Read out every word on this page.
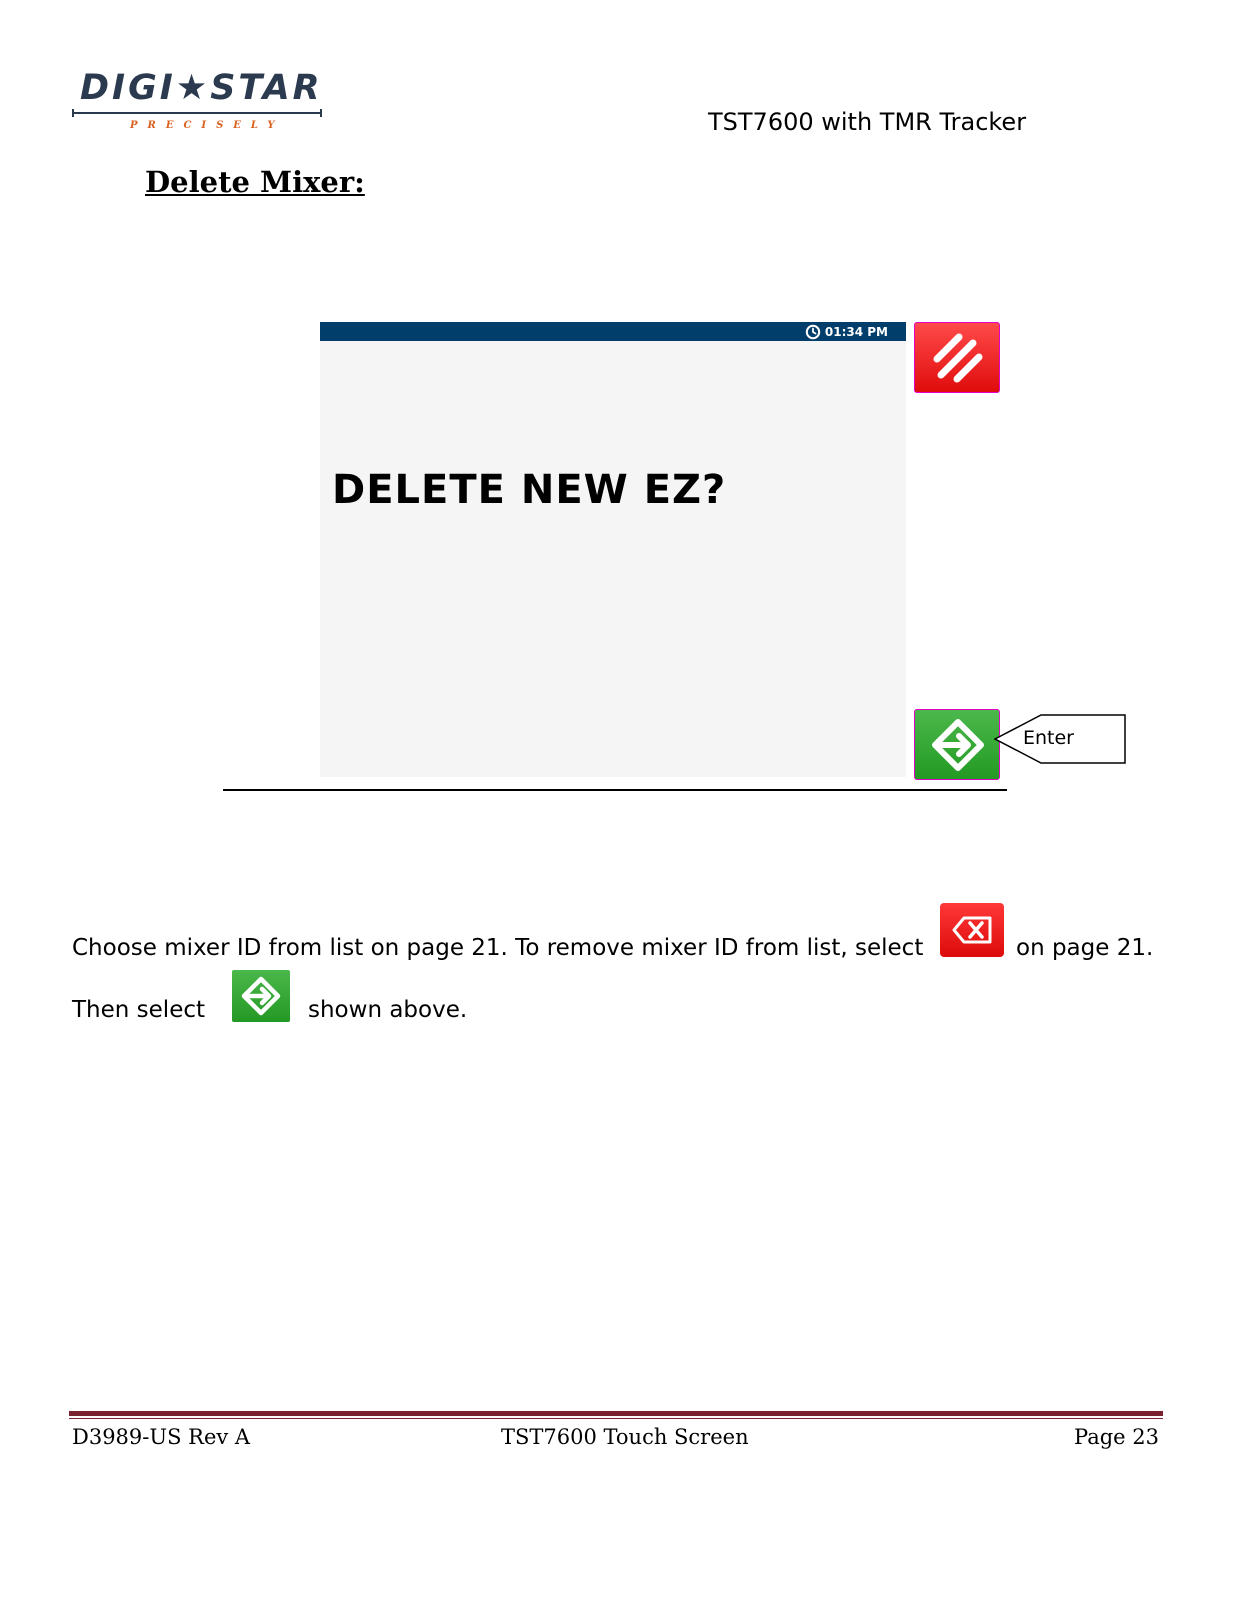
DIGI★STAR
PRECISELY	TST7600 with TMR Tracker
Delete Mixer:
01:34 PM
DELETE NEW EZ?
Enter
Choose mixer ID from list on page 21. To remove mixer ID from list, select	on page 21.
Then select	shown above.
D3989-US Rev A	TST7600 Touch Screen	Page 23
